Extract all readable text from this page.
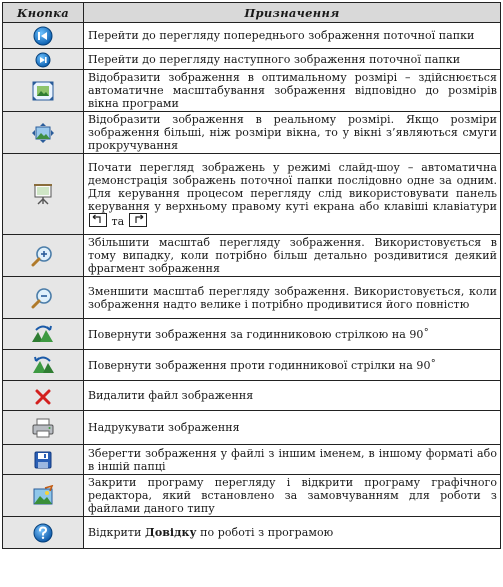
Кнопка	Призначення

	Перейти до перегляду попереднього зображення поточної папки

	Перейти до перегляду наступного зображення поточної папки

	Відобразити зображення в оптимальному розмірі – здійснюється автоматичне масштабування зображення відповідно до розмірів вікна програми

	Відобразити зображення в реальному розмірі. Якщо розміри зображення більші, ніж розміри вікна, то у вікні з’являються смуги прокручування

	Почати перегляд зображень у режимі слайд-шоу – автоматична демонстрація зображень поточної папки послідовно одне за одним. Для керування процесом перегляду слід використовувати панель керування у верхньому правому куті екрана або клавіші клавіатури
та

	Збільшити масштаб перегляду зображення. Використовується в тому випадку, коли потрібно більш детально роздивитися деякий фрагмент зображення

	Зменшити масштаб перегляду зображення. Використовується, коли зображення надто велике і потрібно продивитися його повністю

	Повернути зображення за годинниковою стрілкою на 90˚

	Повернути зображення проти годинникової стрілки на 90˚

	Видалити файл зображення

	Надрукувати зображення

	Зберегти зображення у файлі з іншим іменем, в іншому форматі або в іншій папці

	Закрити програму перегляду і відкрити програму графічного редактора, який встановлено за замовчуванням для роботи з файлами даного типу

	Відкрити Довідку по роботі з програмою
